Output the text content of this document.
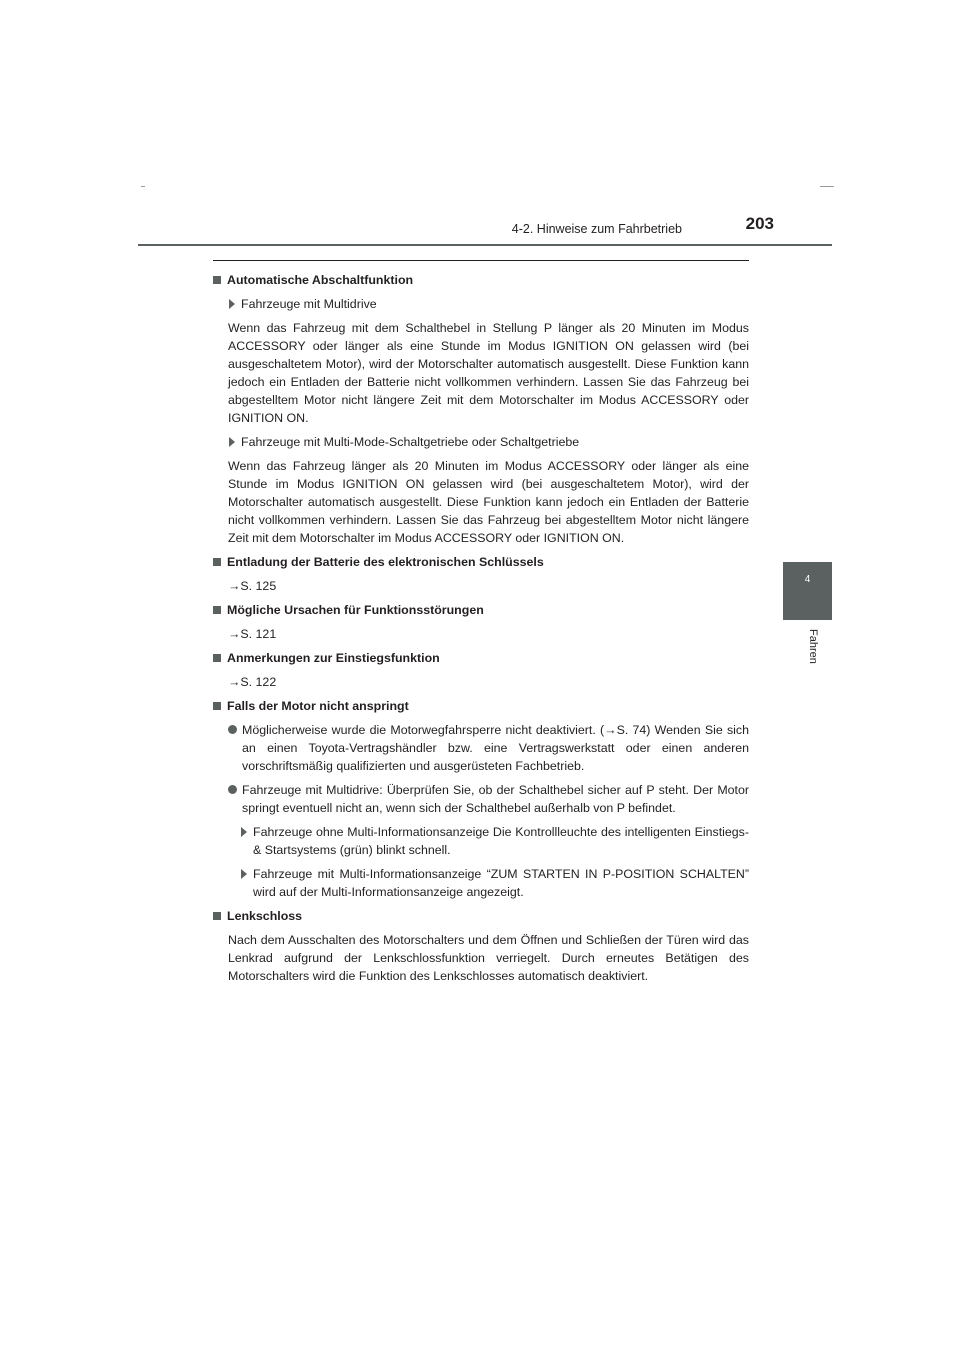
4-2. Hinweise zum Fahrbetrieb	203
4
Fahren
Automatische Abschaltfunktion
Fahrzeuge mit Multidrive
Wenn das Fahrzeug mit dem Schalthebel in Stellung P länger als 20 Minuten im Modus ACCESSORY oder länger als eine Stunde im Modus IGNITION ON gelassen wird (bei ausgeschaltetem Motor), wird der Motorschalter automatisch ausgestellt. Diese Funktion kann jedoch ein Entladen der Batterie nicht vollkommen verhindern. Lassen Sie das Fahrzeug bei abgestelltem Motor nicht längere Zeit mit dem Motorschalter im Modus ACCESSORY oder IGNITION ON.
Fahrzeuge mit Multi-Mode-Schaltgetriebe oder Schaltgetriebe
Wenn das Fahrzeug länger als 20 Minuten im Modus ACCESSORY oder länger als eine Stunde im Modus IGNITION ON gelassen wird (bei ausgeschaltetem Motor), wird der Motorschalter automatisch ausgestellt. Diese Funktion kann jedoch ein Entladen der Batterie nicht vollkommen verhindern. Lassen Sie das Fahrzeug bei abgestelltem Motor nicht längere Zeit mit dem Motorschalter im Modus ACCESSORY oder IGNITION ON.
Entladung der Batterie des elektronischen Schlüssels
→S. 125
Mögliche Ursachen für Funktionsstörungen
→S. 121
Anmerkungen zur Einstiegsfunktion
→S. 122
Falls der Motor nicht anspringt
Möglicherweise wurde die Motorwegfahrsperre nicht deaktiviert. (→S. 74) Wenden Sie sich an einen Toyota-Vertragshändler bzw. eine Vertragswerkstatt oder einen anderen vorschriftsmäßig qualifizierten und ausgerüsteten Fachbetrieb.
Fahrzeuge mit Multidrive: Überprüfen Sie, ob der Schalthebel sicher auf P steht. Der Motor springt eventuell nicht an, wenn sich der Schalthebel außerhalb von P befindet.
Fahrzeuge ohne Multi-Informationsanzeige Die Kontrollleuchte des intelligenten Einstiegs- & Startsystems (grün) blinkt schnell.
Fahrzeuge mit Multi-Informationsanzeige “ZUM STARTEN IN P-POSITION SCHALTEN” wird auf der Multi-Informationsanzeige angezeigt.
Lenkschloss
Nach dem Ausschalten des Motorschalters und dem Öffnen und Schließen der Türen wird das Lenkrad aufgrund der Lenkschlossfunktion verriegelt. Durch erneutes Betätigen des Motorschalters wird die Funktion des Lenkschlosses automatisch deaktiviert.
